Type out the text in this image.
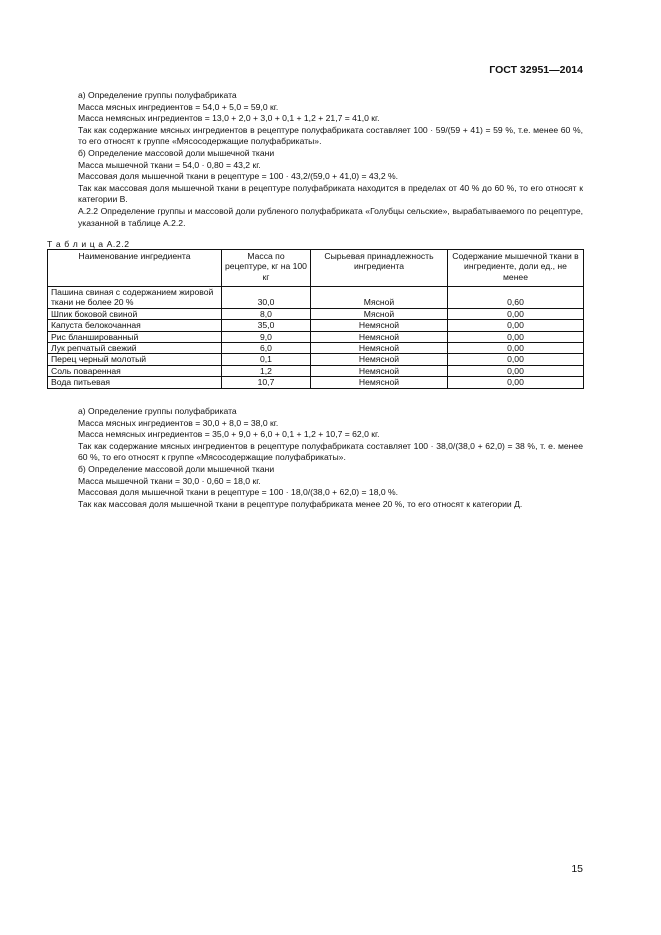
ГОСТ 32951—2014

а) Определение группы полуфабриката

Масса мясных ингредиентов = 54,0 + 5,0 = 59,0 кг.

Масса немясных ингредиентов = 13,0 + 2,0 + 3,0 + 0,1 + 1,2 + 21,7 = 41,0 кг.

Так как содержание мясных ингредиентов в рецептуре полуфабриката составляет 100 · 59/(59 + 41) = 59 %, т.е. менее 60 %, то его относят к группе «Мясосодержащие полуфабрикаты».

б) Определение массовой доли мышечной ткани

Масса мышечной ткани = 54,0 · 0,80 = 43,2 кг.

Массовая доля мышечной ткани в рецептуре = 100 · 43,2/(59,0 + 41,0) = 43,2 %.

Так как массовая доля мышечной ткани в рецептуре полуфабриката находится в пределах от 40 % до 60 %, то его относят к категории В.

А.2.2 Определение группы и массовой доли рубленого полуфабриката «Голубцы сельские», вырабатываемого по рецептуре, указанной в таблице А.2.2.

Т а б л и ц а А.2.2
Наименование ингредиента	Масса по рецептуре, кг на 100 кг	Сырьевая принадлежность ингредиента	Содержание мышечной ткани в ингредиенте, доли ед., не менее
Пашина свиная с содержанием жировой ткани не более 20 %	30,0	Мясной	0,60
Шпик боковой свиной	8,0	Мясной	0,00
Капуста белокочанная	35,0	Немясной	0,00
Рис бланшированный	9,0	Немясной	0,00
Лук репчатый свежий	6,0	Немясной	0,00
Перец черный молотый	0,1	Немясной	0,00
Соль поваренная	1,2	Немясной	0,00
Вода питьевая	10,7	Немясной	0,00

а) Определение группы полуфабриката

Масса мясных ингредиентов = 30,0 + 8,0 = 38,0 кг.

Масса немясных ингредиентов = 35,0 + 9,0 + 6,0 + 0,1 + 1,2 + 10,7 = 62,0 кг.

Так как содержание мясных ингредиентов в рецептуре полуфабриката составляет 100 · 38,0/(38,0 + 62,0) = 38 %, т. е. менее 60 %, то его относят к группе «Мясосодержащие полуфабрикаты».

б) Определение массовой доли мышечной ткани

Масса мышечной ткани = 30,0 · 0,60 = 18,0 кг.

Массовая доля мышечной ткани в рецептуре = 100 · 18,0/(38,0 + 62,0) = 18,0 %.

Так как массовая доля мышечной ткани в рецептуре полуфабриката менее 20 %, то его относят к категории Д.

15
